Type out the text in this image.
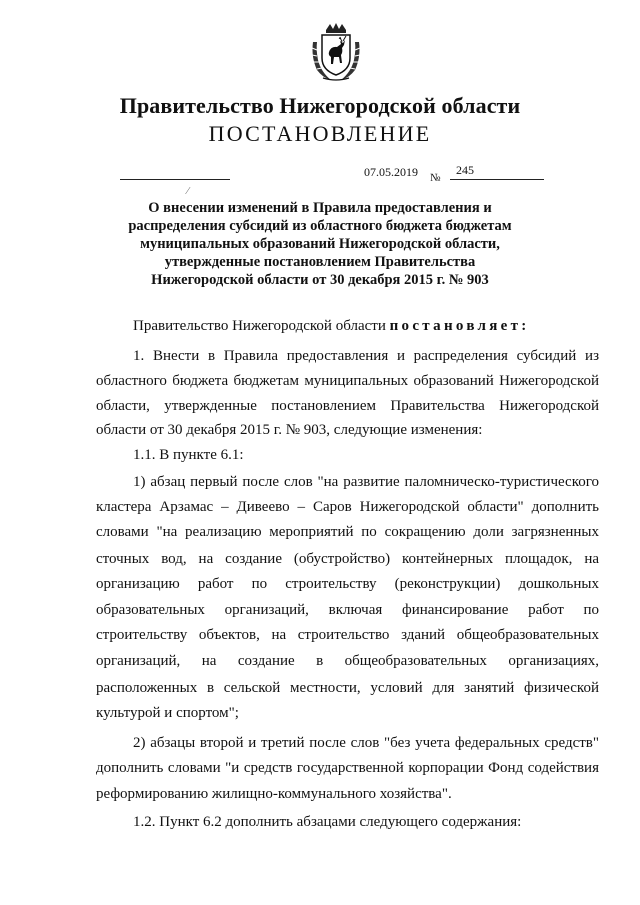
Правительство Нижегородской области
ПОСТАНОВЛЕНИЕ
07.05.2019 №
245
⁄
О внесении изменений в Правила предоставления и
распределения субсидий из областного бюджета бюджетам
муниципальных образований Нижегородской области,
утвержденные постановлением Правительства
Нижегородской области от 30 декабря 2015 г. № 903
Правительство Нижегородской области постановляет:
1. Внести в Правила предоставления и распределения субсидий из
областного бюджета бюджетам муниципальных образований Нижегородской
области, утвержденные постановлением Правительства Нижегородской
области от 30 декабря 2015 г. № 903, следующие изменения:
1.1. В пункте 6.1:
1) абзац первый после слов "на развитие паломническо-туристического
кластера Арзамас – Дивеево – Саров Нижегородской области" дополнить
словами "на реализацию мероприятий по сокращению доли загрязненных
сточных вод, на создание (обустройство) контейнерных площадок, на
организацию работ по строительству (реконструкции) дошкольных
образовательных организаций, включая финансирование работ по
строительству объектов, на строительство зданий общеобразовательных
организаций, на создание в общеобразовательных организациях,
расположенных в сельской местности, условий для занятий физической
культурой и спортом";
2) абзацы второй и третий после слов "без учета федеральных средств"
дополнить словами "и средств государственной корпорации Фонд содействия
реформированию жилищно-коммунального хозяйства".
1.2. Пункт 6.2 дополнить абзацами следующего содержания:
